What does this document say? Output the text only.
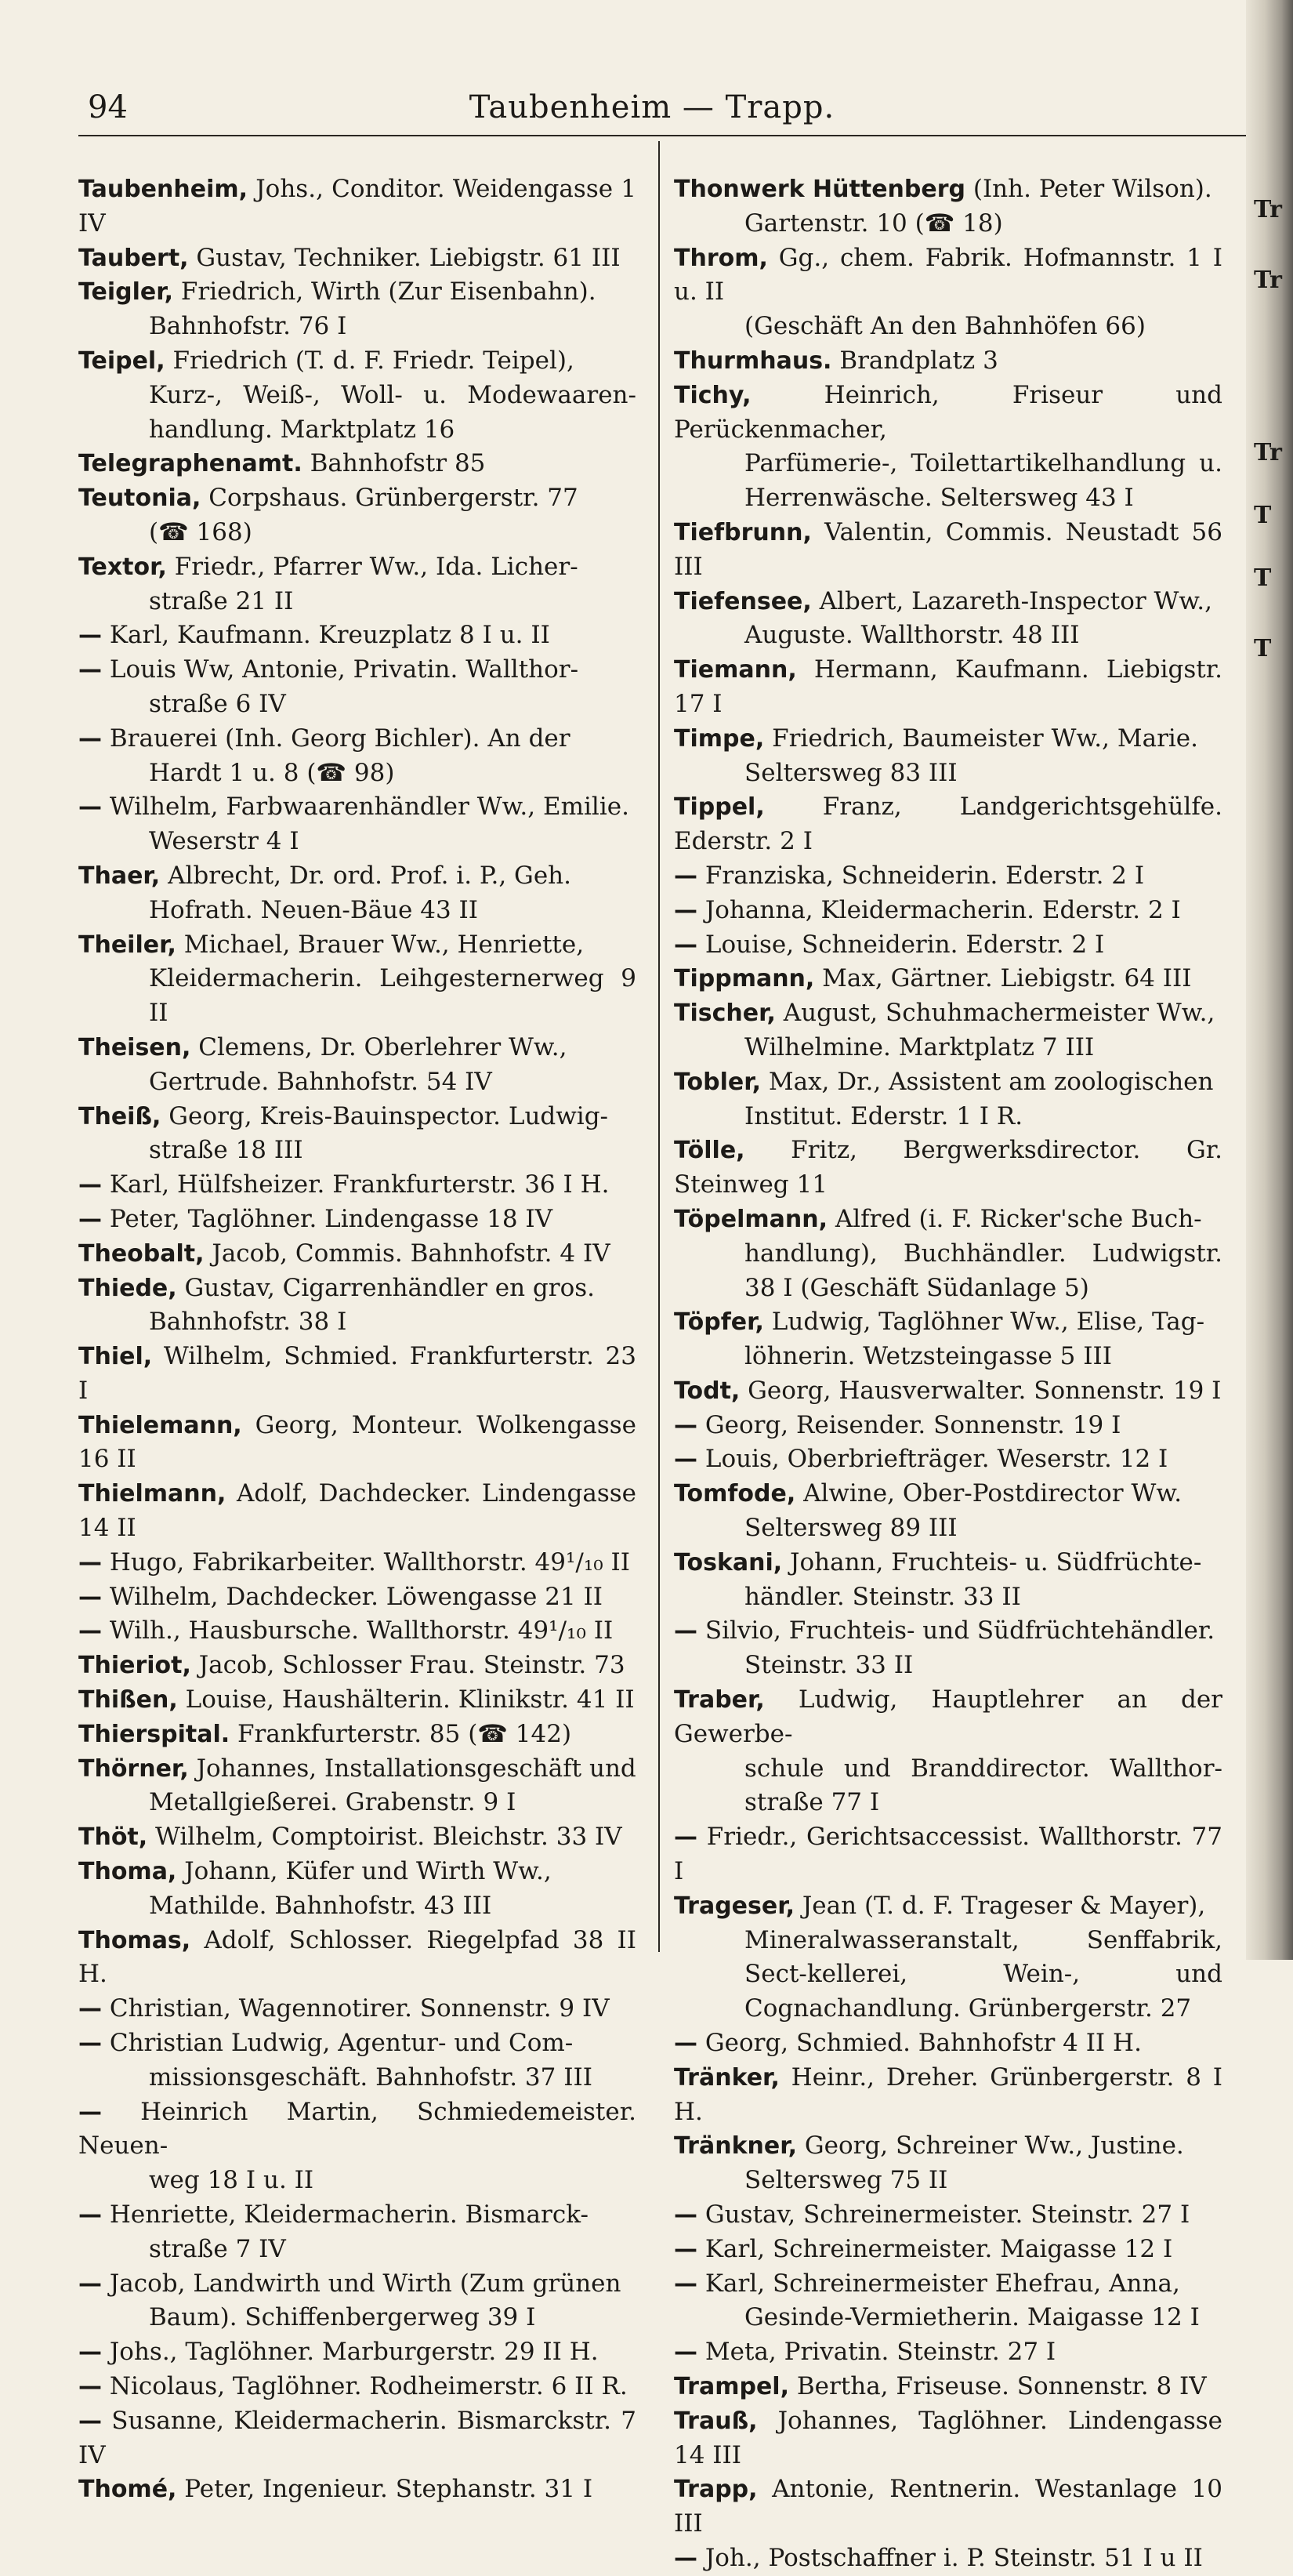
Tr
Tr
Tr
T
T
T
94	Taubenheim — Trapp.
Taubenheim, Johs., Conditor. Weidengasse 1 IV
Taubert, Gustav, Techniker. Liebigstr. 61 III
Teigler, Friedrich, Wirth (Zur Eisenbahn).
Bahnhofstr. 76 I
Teipel, Friedrich (T. d. F. Friedr. Teipel),
Kurz-, Weiß-, Woll- u. Modewaaren-handlung. Marktplatz 16
Telegraphenamt. Bahnhofstr 85
Teutonia, Corpshaus. Grünbergerstr. 77
(☎ 168)
Textor, Friedr., Pfarrer Ww., Ida. Licher-
straße 21 II
— Karl, Kaufmann. Kreuzplatz 8 I u. II
— Louis Ww, Antonie, Privatin. Wallthor-
straße 6 IV
— Brauerei (Inh. Georg Bichler). An der
Hardt 1 u. 8 (☎ 98)
— Wilhelm, Farbwaarenhändler Ww., Emilie.
Weserstr 4 I
Thaer, Albrecht, Dr. ord. Prof. i. P., Geh.
Hofrath. Neuen-Bäue 43 II
Theiler, Michael, Brauer Ww., Henriette,
Kleidermacherin. Leihgesternerweg 9 II
Theisen, Clemens, Dr. Oberlehrer Ww.,
Gertrude. Bahnhofstr. 54 IV
Theiß, Georg, Kreis-Bauinspector. Ludwig-
straße 18 III
— Karl, Hülfsheizer. Frankfurterstr. 36 I H.
— Peter, Taglöhner. Lindengasse 18 IV
Theobalt, Jacob, Commis. Bahnhofstr. 4 IV
Thiede, Gustav, Cigarrenhändler en gros.
Bahnhofstr. 38 I
Thiel, Wilhelm, Schmied. Frankfurterstr. 23 I
Thielemann, Georg, Monteur. Wolkengasse 16 II
Thielmann, Adolf, Dachdecker. Lindengasse 14 II
— Hugo, Fabrikarbeiter. Wallthorstr. 49¹/₁₀ II
— Wilhelm, Dachdecker. Löwengasse 21 II
— Wilh., Hausbursche. Wallthorstr. 49¹/₁₀ II
Thieriot, Jacob, Schlosser Frau. Steinstr. 73
Thißen, Louise, Haushälterin. Klinikstr. 41 II
Thierspital. Frankfurterstr. 85 (☎ 142)
Thörner, Johannes, Installationsgeschäft und
Metallgießerei. Grabenstr. 9 I
Thöt, Wilhelm, Comptoirist. Bleichstr. 33 IV
Thoma, Johann, Küfer und Wirth Ww.,
Mathilde. Bahnhofstr. 43 III
Thomas, Adolf, Schlosser. Riegelpfad 38 II H.
— Christian, Wagennotirer. Sonnenstr. 9 IV
— Christian Ludwig, Agentur- und Com-
missionsgeschäft. Bahnhofstr. 37 III
— Heinrich Martin, Schmiedemeister. Neuen-
weg 18 I u. II
— Henriette, Kleidermacherin. Bismarck-
straße 7 IV
— Jacob, Landwirth und Wirth (Zum grünen
Baum). Schiffenbergerweg 39 I
— Johs., Taglöhner. Marburgerstr. 29 II H.
— Nicolaus, Taglöhner. Rodheimerstr. 6 II R.
— Susanne, Kleidermacherin. Bismarckstr. 7 IV
Thomé, Peter, Ingenieur. Stephanstr. 31 I
Thonwerk Hüttenberg (Inh. Peter Wilson).
Gartenstr. 10 (☎ 18)
Throm, Gg., chem. Fabrik. Hofmannstr. 1 I u. II
(Geschäft An den Bahnhöfen 66)
Thurmhaus. Brandplatz 3
Tichy,	Heinrich, Friseur und Perückenmacher,
Parfümerie-, Toilettartikelhandlung u. Herrenwäsche. Seltersweg 43 I
Tiefbrunn, Valentin, Commis. Neustadt 56 III
Tiefensee, Albert, Lazareth-Inspector Ww.,
Auguste. Wallthorstr. 48 III
Tiemann, Hermann, Kaufmann. Liebigstr. 17 I
Timpe, Friedrich, Baumeister Ww., Marie.
Seltersweg 83 III
Tippel, Franz, Landgerichtsgehülfe. Ederstr. 2 I
— Franziska, Schneiderin. Ederstr. 2 I
— Johanna, Kleidermacherin. Ederstr. 2 I
— Louise, Schneiderin. Ederstr. 2 I
Tippmann, Max, Gärtner. Liebigstr. 64 III
Tischer, August, Schuhmachermeister Ww.,
Wilhelmine. Marktplatz 7 III
Tobler, Max, Dr., Assistent am zoologischen
Institut. Ederstr. 1 I R.
Tölle, Fritz, Bergwerksdirector. Gr. Steinweg 11
Töpelmann, Alfred (i. F. Ricker'sche Buch-
handlung), Buchhändler. Ludwigstr. 38 I (Geschäft Südanlage 5)
Töpfer, Ludwig, Taglöhner Ww., Elise, Tag-
löhnerin. Wetzsteingasse 5 III
Todt, Georg, Hausverwalter. Sonnenstr. 19 I
— Georg, Reisender. Sonnenstr. 19 I
— Louis, Oberbriefträger. Weserstr. 12 I
Tomfode, Alwine, Ober-Postdirector Ww.
Seltersweg 89 III
Toskani, Johann, Fruchteis- u. Südfrüchte-
händler. Steinstr. 33 II
— Silvio, Fruchteis- und Südfrüchtehändler.
Steinstr. 33 II
Traber, Ludwig, Hauptlehrer an der Gewerbe-
schule und Branddirector. Wallthor-straße 77 I
— Friedr., Gerichtsaccessist. Wallthorstr. 77 I
Trageser, Jean (T. d. F. Trageser & Mayer),
Mineralwasseranstalt, Senffabrik, Sect-kellerei, Wein-, und Cognachandlung. Grünbergerstr. 27
— Georg, Schmied. Bahnhofstr 4 II H.
Tränker, Heinr., Dreher. Grünbergerstr. 8 I H.
Tränkner, Georg, Schreiner Ww., Justine.
Seltersweg 75 II
— Gustav, Schreinermeister. Steinstr. 27 I
— Karl, Schreinermeister. Maigasse 12 I
— Karl, Schreinermeister Ehefrau, Anna,
Gesinde-Vermietherin. Maigasse 12 I
— Meta, Privatin. Steinstr. 27 I
Trampel, Bertha, Friseuse. Sonnenstr. 8 IV
Trauß, Johannes, Taglöhner. Lindengasse 14 III
Trapp, Antonie, Rentnerin. Westanlage 10 III
— Joh., Postschaffner i. P. Steinstr. 51 I u II
